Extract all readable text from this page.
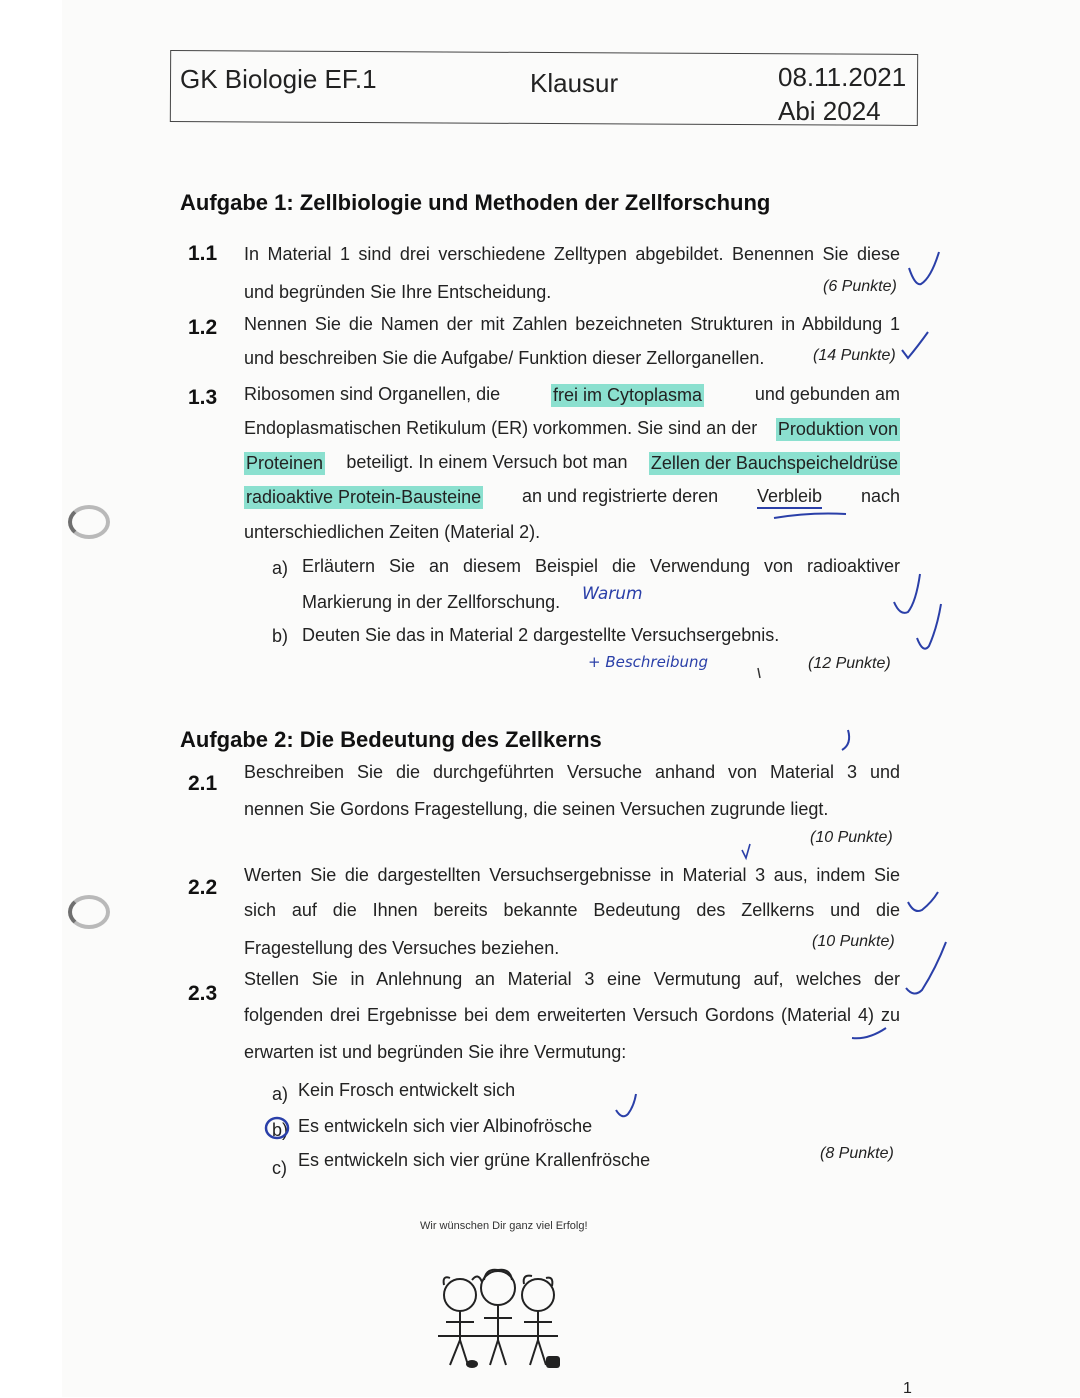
GK Biologie EF.1	Klausur	08.11.2021
Abi 2024
Aufgabe 1: Zellbiologie und Methoden der Zellforschung
1.1 In Material 1 sind drei verschiedene Zelltypen abgebildet. Benennen Sie diese
und begründen Sie Ihre Entscheidung.	(6 Punkte)
1.2 Nennen Sie die Namen der mit Zahlen bezeichneten Strukturen in Abbildung 1
und beschreiben Sie die Aufgabe/ Funktion dieser Zellorganellen.	(14 Punkte)
1.3 Ribosomen sind Organellen, die	frei im Cytoplasma	und gebunden am
Endoplasmatischen Retikulum (ER) vorkommen. Sie sind an der Produktion von
Proteinen beteiligt. In einem Versuch bot man Zellen der Bauchspeicheldrüse
radioaktive Protein-Bausteine an und registrierte deren Verbleib nach
unterschiedlichen Zeiten (Material 2).
a) Erläutern Sie an diesem Beispiel die Verwendung von radioaktiver
Markierung in der Zellforschung. Warum
b) Deuten Sie das in Material 2 dargestellte Versuchsergebnis.
+ Beschreibung	(12 Punkte)
Aufgabe 2: Die Bedeutung des Zellkerns
2.1 Beschreiben Sie die durchgeführten Versuche anhand von Material 3 und
nennen Sie Gordons Fragestellung, die seinen Versuchen zugrunde liegt.
(10 Punkte)
2.2
Werten Sie die dargestellten Versuchsergebnisse in Material 3 aus, indem Sie
sich auf die Ihnen bereits bekannte Bedeutung des Zellkerns und die
Fragestellung des Versuches beziehen.	(10 Punkte)
2.3
Stellen Sie in Anlehnung an Material 3 eine Vermutung auf, welches der
folgenden drei Ergebnisse bei dem erweiterten Versuch Gordons (Material 4) zu
erwarten ist und begründen Sie ihre Vermutung:
a) Kein Frosch entwickelt sich
b) Es entwickeln sich vier Albinofrösche
c) Es entwickeln sich vier grüne Krallenfrösche	(8 Punkte)
Wir wünschen Dir ganz viel Erfolg!
1
